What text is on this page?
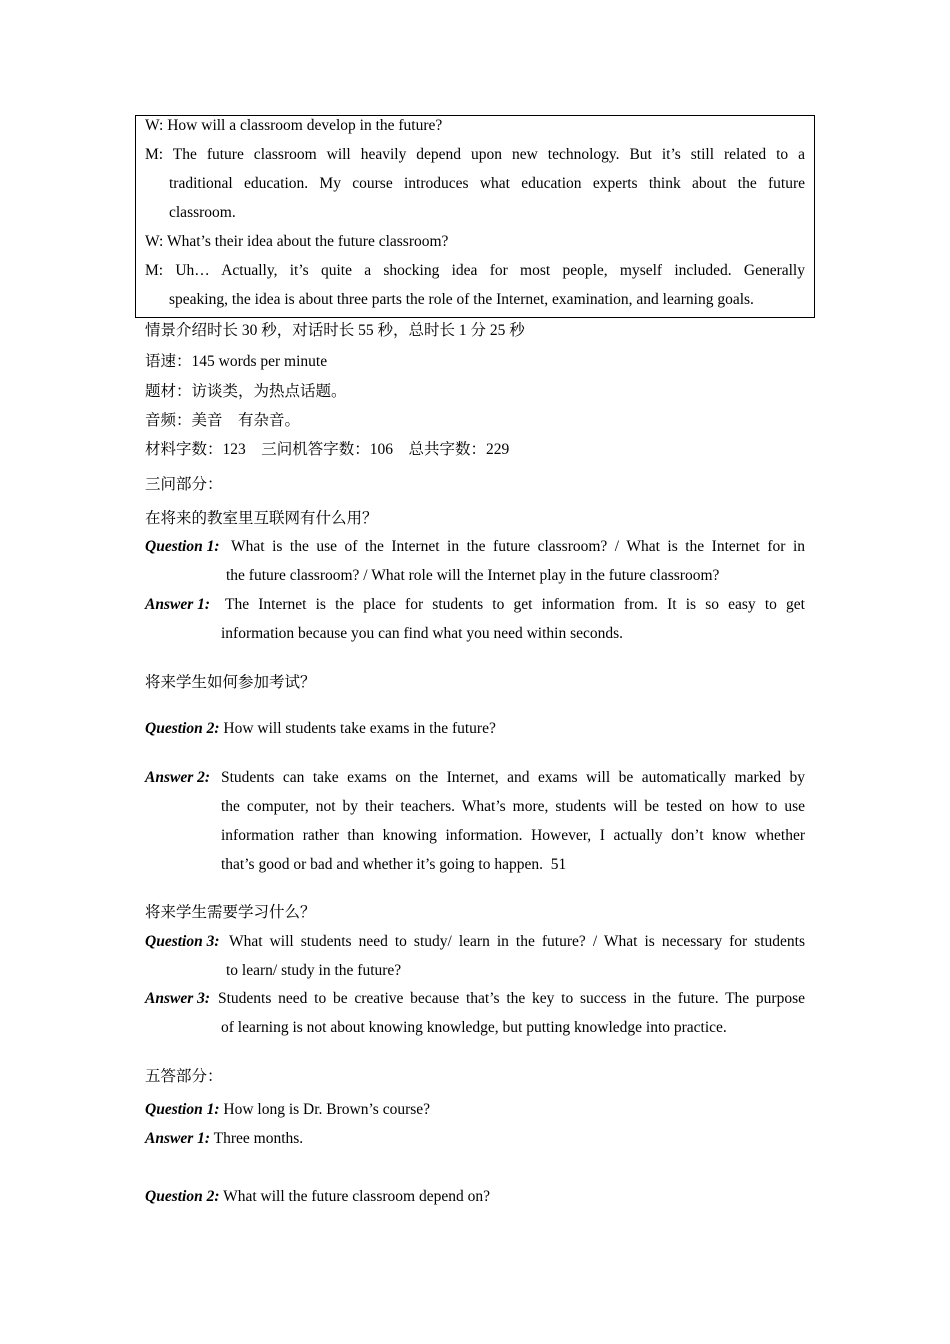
W: How will a classroom develop in the future?
M: The future classroom will heavily depend upon new technology. But it’s still related to a
traditional education. My course introduces what education experts think about the future
classroom.
W: What’s their idea about the future classroom?
M: Uh… Actually, it’s quite a shocking idea for most people, myself included. Generally
speaking, the idea is about three parts the role of the Internet, examination, and learning goals.
情景介绍时长 30 秒，对话时长 55 秒，总时长 1 分 25 秒
语速：145 words per minute
题材：访谈类，为热点话题。
音频：美音　有杂音。
材料字数：123　三问机答字数：106　总共字数：229
三问部分：
在将来的教室里互联网有什么用？
Question 1: What is the use of the Internet in the future classroom? / What is the Internet for in
the future classroom? / What role will the Internet play in the future classroom?
Answer 1: The Internet is the place for students to get information from. It is so easy to get
information because you can find what you need within seconds.
将来学生如何参加考试？
Question 2: How will students take exams in the future?
Answer 2: Students can take exams on the Internet, and exams will be automatically marked by
the computer, not by their teachers. What’s more, students will be tested on how to use
information rather than knowing information. However, I actually don’t know whether
that’s good or bad and whether it’s going to happen.  51
将来学生需要学习什么？
Question 3: What will students need to study/ learn in the future? / What is necessary for students
to learn/ study in the future?
Answer 3: Students need to be creative because that’s the key to success in the future. The purpose
of learning is not about knowing knowledge, but putting knowledge into practice.
五答部分：
Question 1: How long is Dr. Brown’s course?
Answer 1: Three months.
Question 2: What will the future classroom depend on?
